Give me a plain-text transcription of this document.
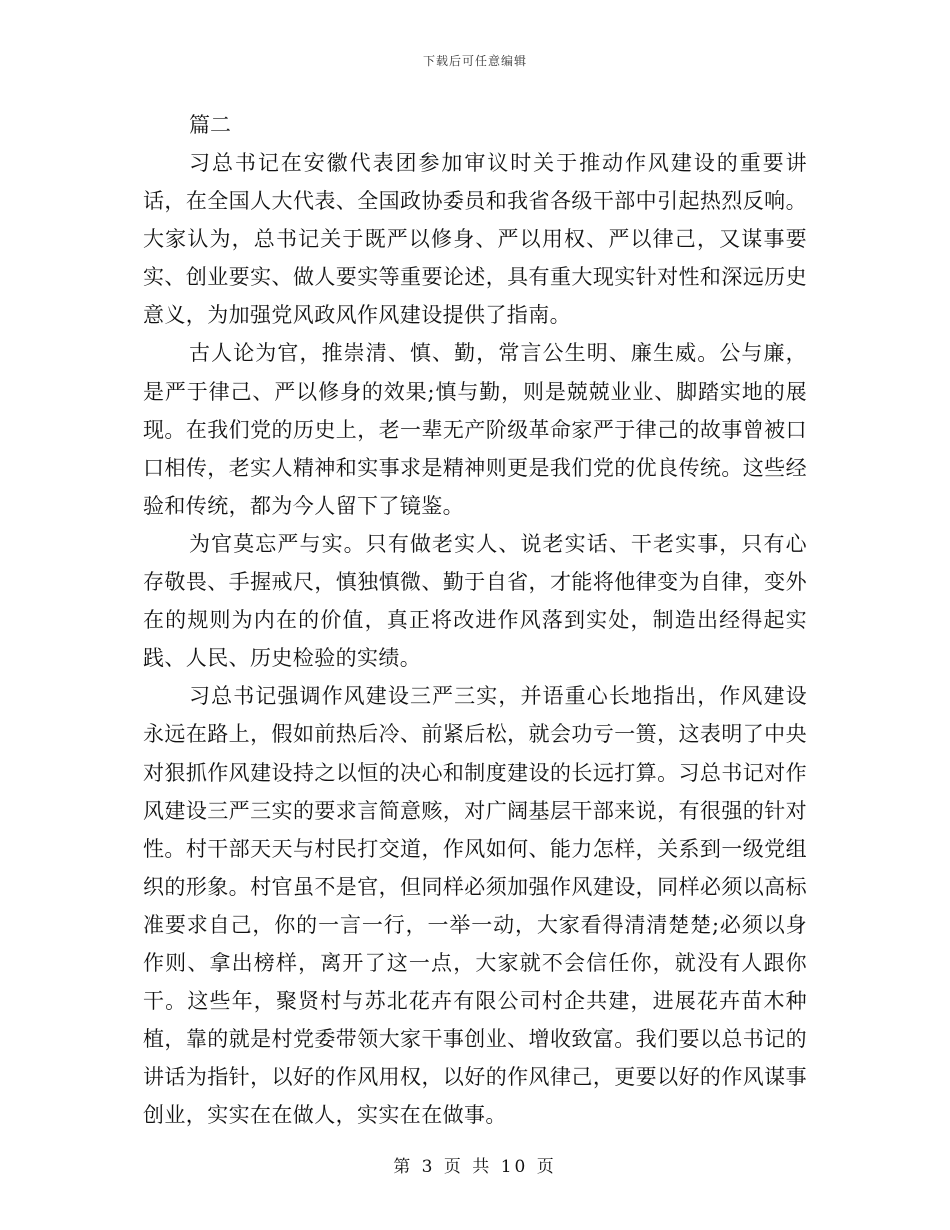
下载后可任意编辑
篇二

习总书记在安徽代表团参加审议时关于推动作风建设的重要讲话，在全国人大代表、全国政协委员和我省各级干部中引起热烈反响。大家认为，总书记关于既严以修身、严以用权、严以律己，又谋事要实、创业要实、做人要实等重要论述，具有重大现实针对性和深远历史意义，为加强党风政风作风建设提供了指南。

古人论为官，推崇清、慎、勤，常言公生明、廉生威。公与廉，是严于律己、严以修身的效果;慎与勤，则是兢兢业业、脚踏实地的展现。在我们党的历史上，老一辈无产阶级革命家严于律己的故事曾被口口相传，老实人精神和实事求是精神则更是我们党的优良传统。这些经验和传统，都为今人留下了镜鉴。

为官莫忘严与实。只有做老实人、说老实话、干老实事，只有心存敬畏、手握戒尺，慎独慎微、勤于自省，才能将他律变为自律，变外在的规则为内在的价值，真正将改进作风落到实处，制造出经得起实践、人民、历史检验的实绩。

习总书记强调作风建设三严三实，并语重心长地指出，作风建设永远在路上，假如前热后冷、前紧后松，就会功亏一篑，这表明了中央对狠抓作风建设持之以恒的决心和制度建设的长远打算。习总书记对作风建设三严三实的要求言简意赅，对广阔基层干部来说，有很强的针对性。村干部天天与村民打交道，作风如何、能力怎样，关系到一级党组织的形象。村官虽不是官，但同样必须加强作风建设，同样必须以高标准要求自己，你的一言一行，一举一动，大家看得清清楚楚;必须以身作则、拿出榜样，离开了这一点，大家就不会信任你，就没有人跟你干。这些年，聚贤村与苏北花卉有限公司村企共建，进展花卉苗木种植，靠的就是村党委带领大家干事创业、增收致富。我们要以总书记的讲话为指针，以好的作风用权，以好的作风律己，更要以好的作风谋事创业，实实在在做人，实实在在做事。

第 3 页 共 10 页
